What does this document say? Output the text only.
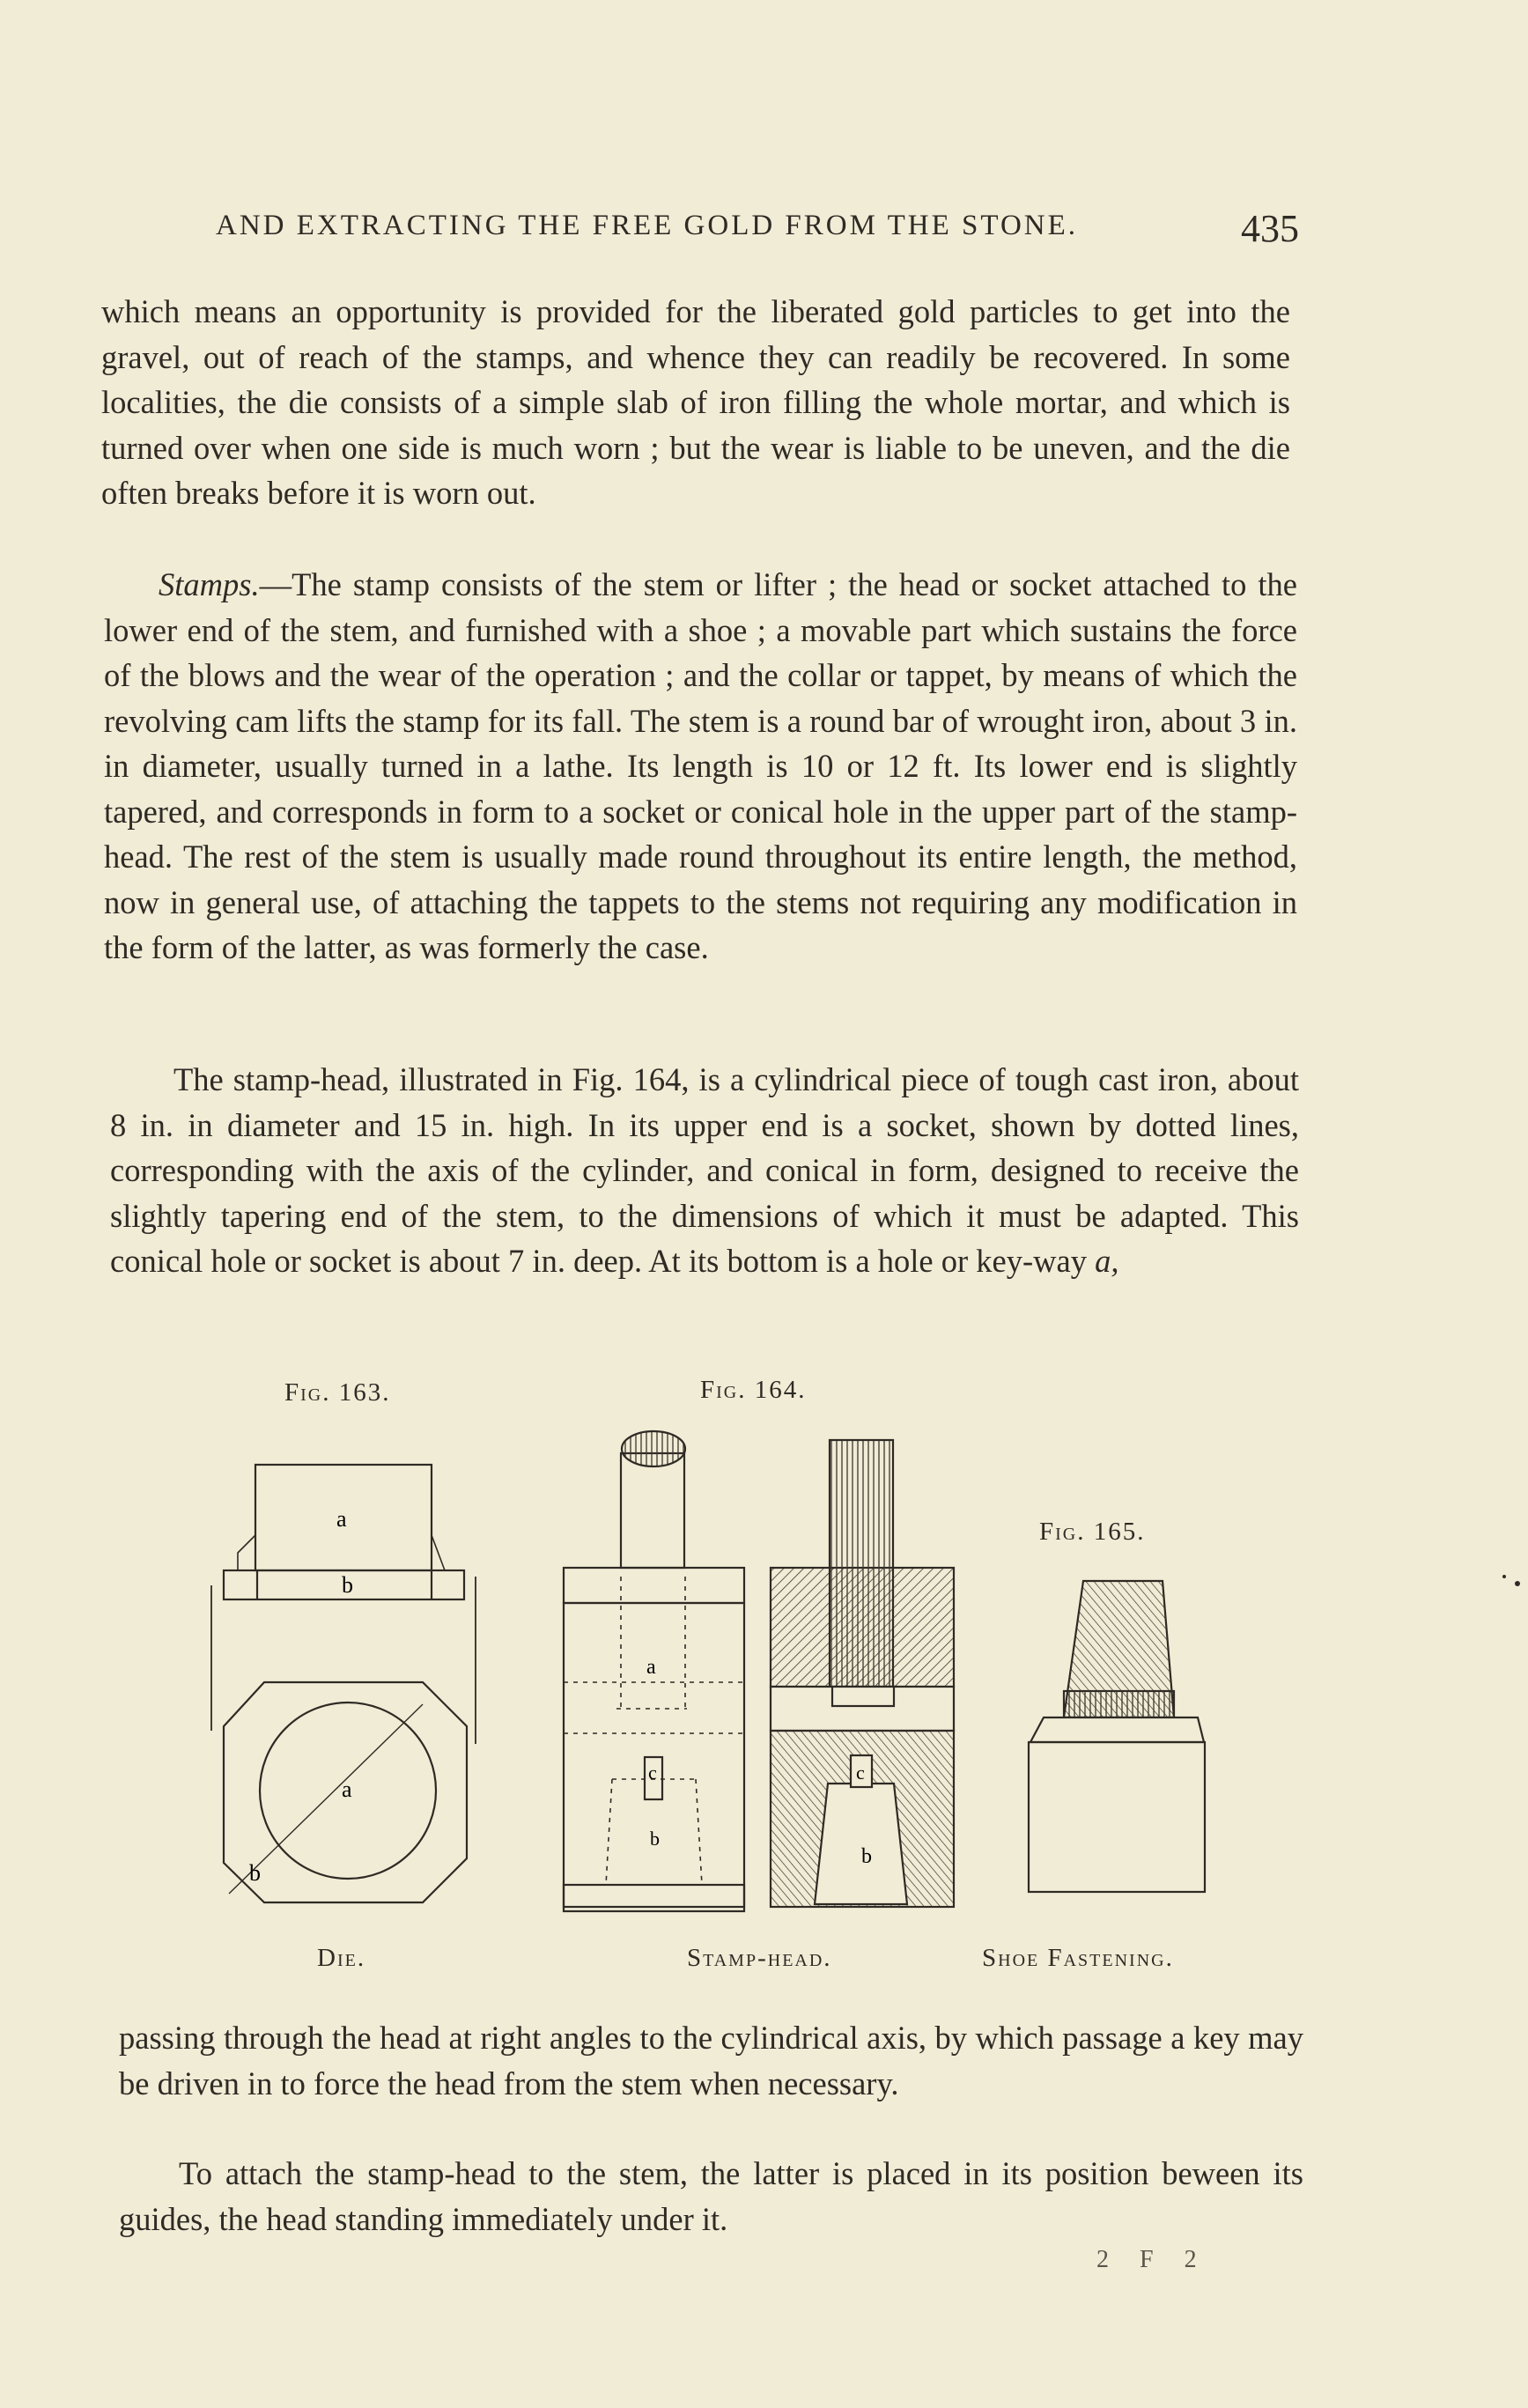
AND EXTRACTING THE FREE GOLD FROM THE STONE.	435

which means an opportunity is provided for the liberated gold particles to get into the gravel, out of reach of the stamps, and whence they can readily be recovered. In some localities, the die consists of a simple slab of iron filling the whole mortar, and which is turned over when one side is much worn ; but the wear is liable to be uneven, and the die often breaks before it is worn out.

Stamps.—The stamp consists of the stem or lifter ; the head or socket attached to the lower end of the stem, and furnished with a shoe ; a movable part which sustains the force of the blows and the wear of the operation ; and the collar or tappet, by means of which the revolving cam lifts the stamp for its fall. The stem is a round bar of wrought iron, about 3 in. in diameter, usually turned in a lathe. Its length is 10 or 12 ft. Its lower end is slightly tapered, and corresponds in form to a socket or conical hole in the upper part of the stamp-head. The rest of the stem is usually made round throughout its entire length, the method, now in general use, of attaching the tappets to the stems not requiring any modification in the form of the latter, as was formerly the case.

The stamp-head, illustrated in Fig. 164, is a cylindrical piece of tough cast iron, about 8 in. in diameter and 15 in. high. In its upper end is a socket, shown by dotted lines, corresponding with the axis of the cylinder, and conical in form, designed to receive the slightly tapering end of the stem, to the dimensions of which it must be adapted. This conical hole or socket is about 7 in. deep. At its bottom is a hole or key-way a,

passing through the head at right angles to the cylindrical axis, by which passage a key may be driven in to force the head from the stem when necessary.

To attach the stamp-head to the stem, the latter is placed in its position beween its guides, the head standing immediately under it.

Fig. 163.	Fig. 164.
Fig. 165.
Die.	Stamp-head.	Shoe Fastening.
a
b
a
b
a
c
b
c
b
2 F 2
